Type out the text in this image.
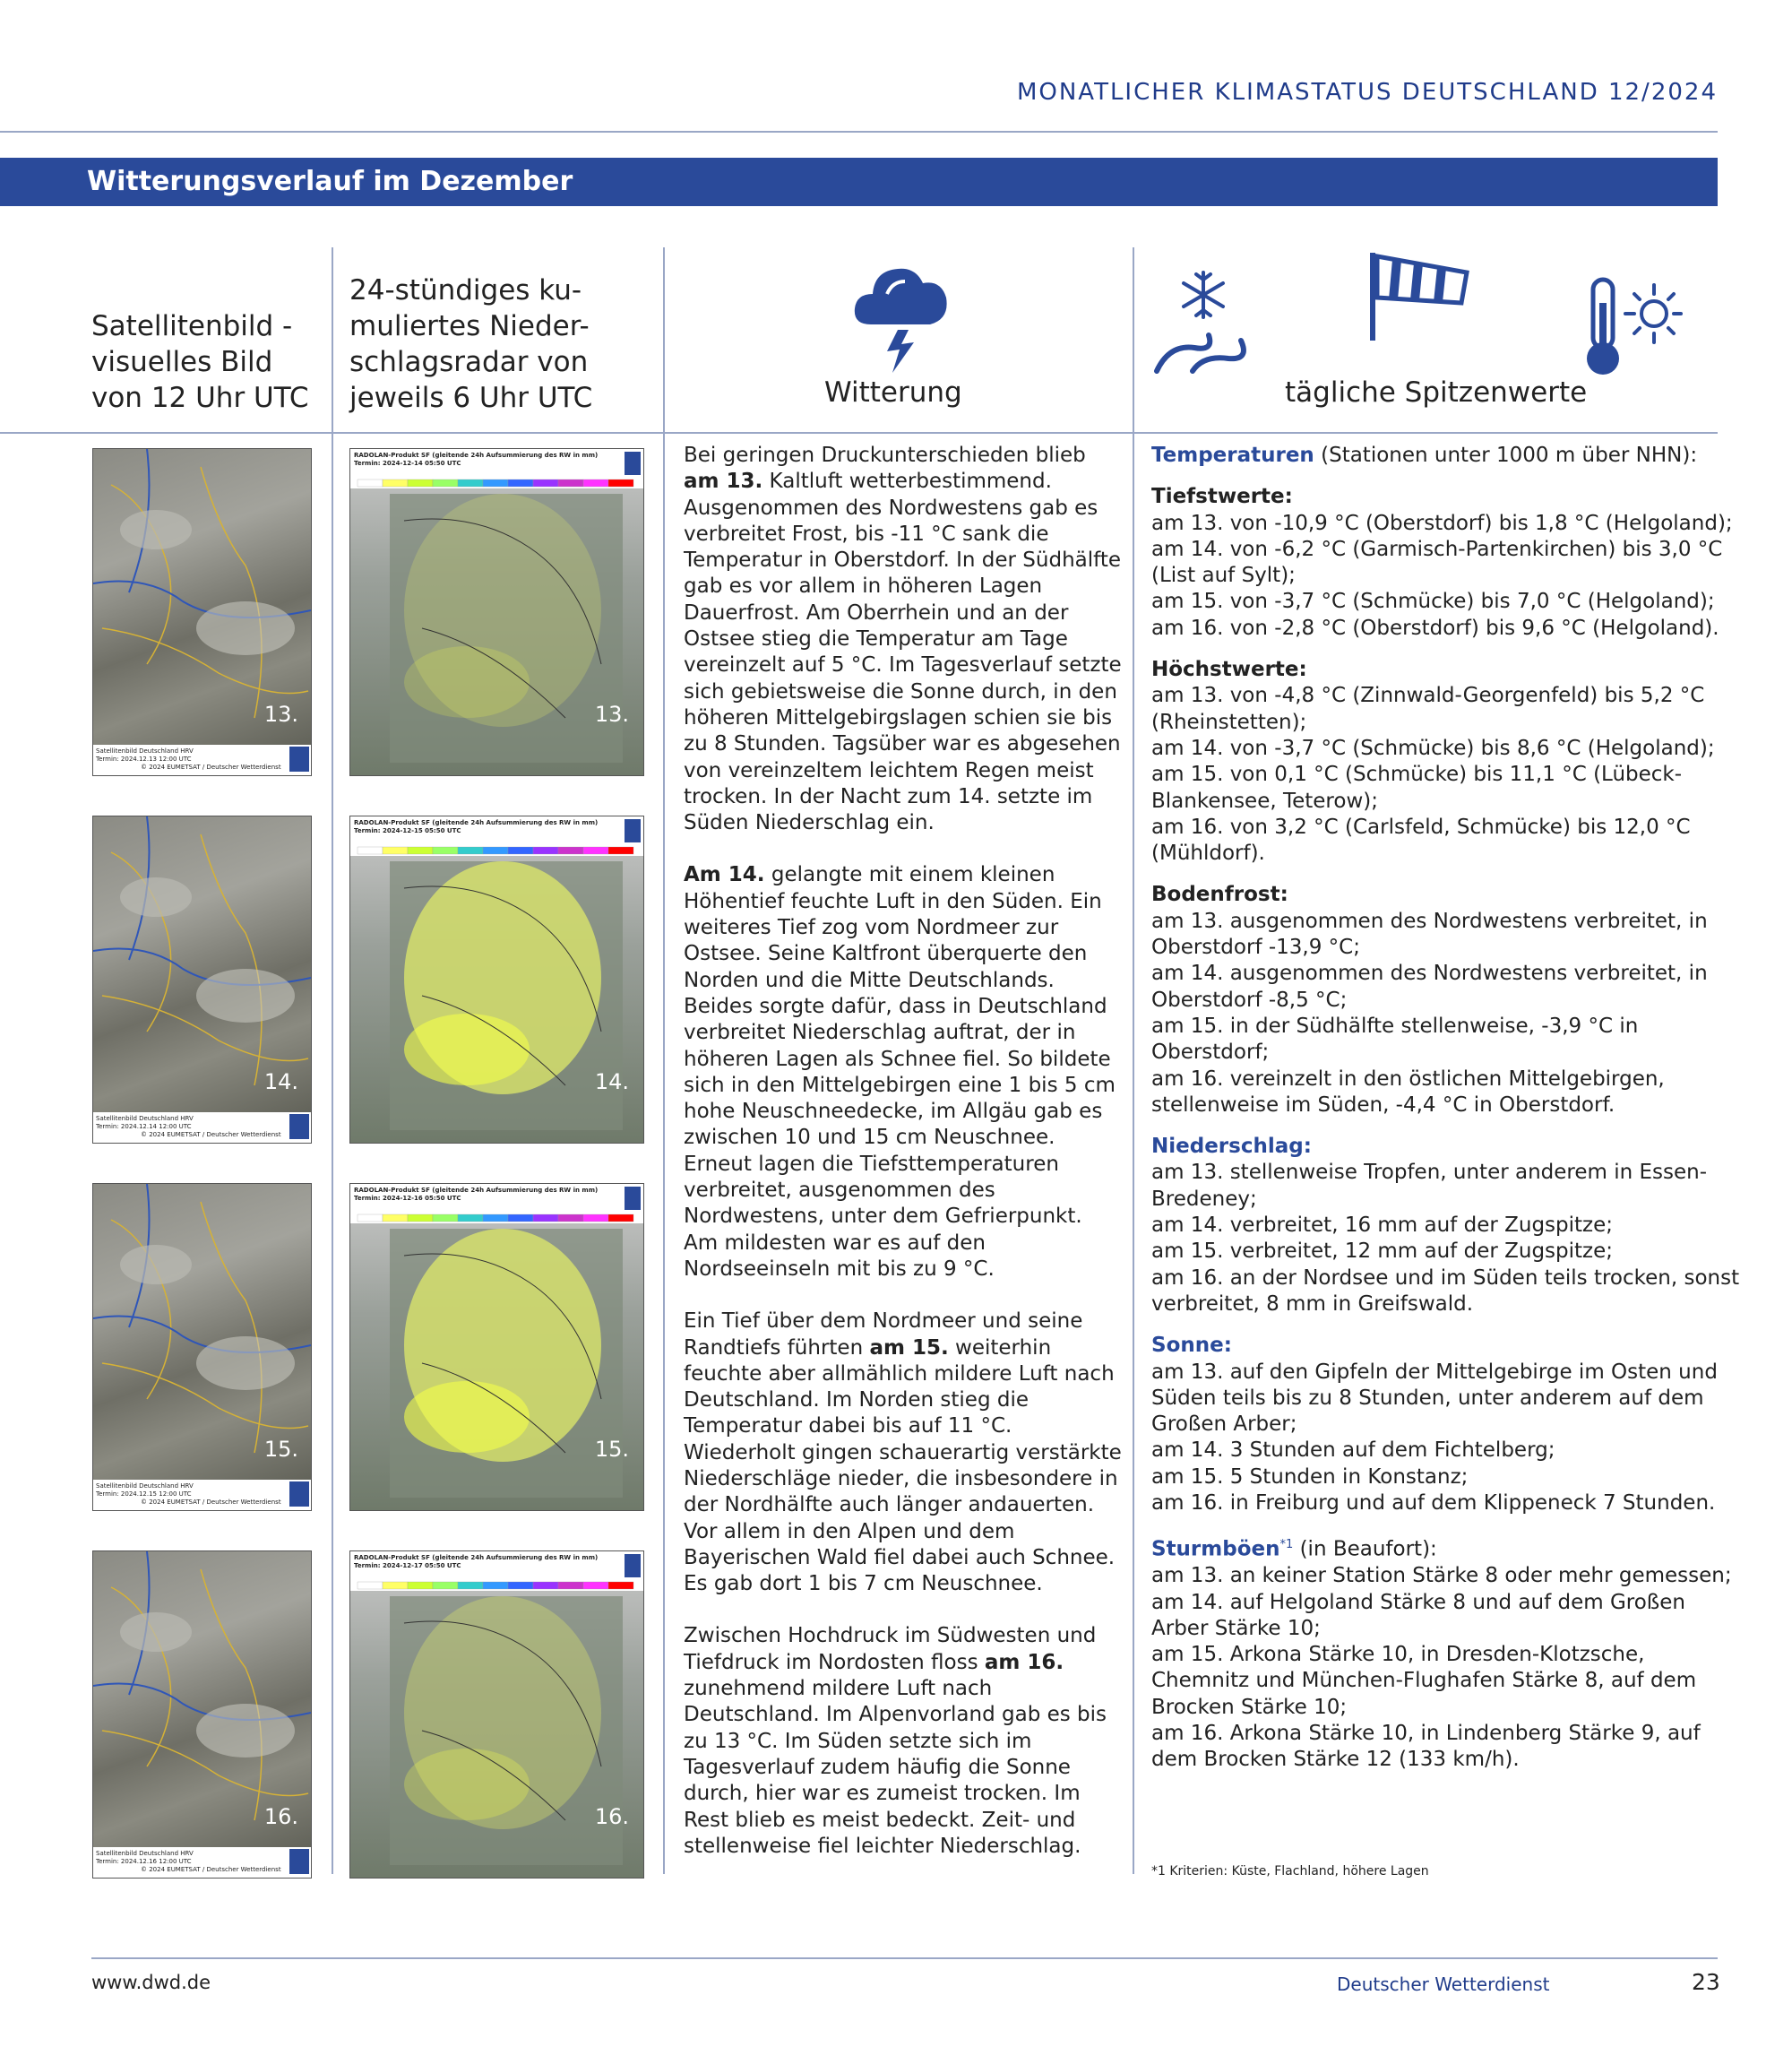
MONATLICHER KLIMASTATUS DEUTSCHLAND 12/2024
Witterungsverlauf im Dezember
Satellitenbild -
visuelles Bild
von 12 Uhr UTC
24-stündiges ku-
muliertes Nieder-
schlagsradar von
jeweils 6 Uhr UTC	Witterung	tägliche Spitzenwerte
13.
Satellitenbild Deutschland HRV
Termin: 2024.12.13 12:00 UTC
© 2024 EUMETSAT / Deutscher Wetterdienst
RADOLAN-Produkt SF (gleitende 24h Aufsummierung des RW in mm)
Termin: 2024-12-14 05:50 UTC
13.
14.
Satellitenbild Deutschland HRV
Termin: 2024.12.14 12:00 UTC
© 2024 EUMETSAT / Deutscher Wetterdienst
RADOLAN-Produkt SF (gleitende 24h Aufsummierung des RW in mm)
Termin: 2024-12-15 05:50 UTC
14.
15.
Satellitenbild Deutschland HRV
Termin: 2024.12.15 12:00 UTC
© 2024 EUMETSAT / Deutscher Wetterdienst
RADOLAN-Produkt SF (gleitende 24h Aufsummierung des RW in mm)
Termin: 2024-12-16 05:50 UTC
15.
16.
Satellitenbild Deutschland HRV
Termin: 2024.12.16 12:00 UTC
© 2024 EUMETSAT / Deutscher Wetterdienst
RADOLAN-Produkt SF (gleitende 24h Aufsummierung des RW in mm)
Termin: 2024-12-17 05:50 UTC
16.

Bei geringen Druckunterschieden blieb am 13. Kaltluft wetterbestimmend. Ausgenommen des Nordwestens gab es verbreitet Frost, bis -11 °C sank die Temperatur in Oberstdorf. In der Südhälfte gab es vor allem in höheren Lagen Dauerfrost. Am Oberrhein und an der Ostsee stieg die Temperatur am Tage vereinzelt auf 5 °C. Im Tagesverlauf setzte sich gebietsweise die Sonne durch, in den höheren Mittelgebirgslagen schien sie bis zu 8 Stunden. Tagsüber war es abgesehen von vereinzeltem leichtem Regen meist trocken. In der Nacht zum 14. setzte im Süden Niederschlag ein.

Am 14. gelangte mit einem kleinen Höhentief feuchte Luft in den Süden. Ein weiteres Tief zog vom Nordmeer zur Ostsee. Seine Kaltfront überquerte den Norden und die Mitte Deutschlands. Beides sorgte dafür, dass in Deutschland verbreitet Niederschlag auftrat, der in höheren Lagen als Schnee fiel. So bildete sich in den Mittelgebirgen eine 1 bis 5 cm hohe Neuschneedecke, im Allgäu gab es zwischen 10 und 15 cm Neuschnee. Erneut lagen die Tiefsttemperaturen verbreitet, ausgenommen des Nordwestens, unter dem Gefrierpunkt. Am mildesten war es auf den Nordseeinseln mit bis zu 9 °C.

Ein Tief über dem Nordmeer und seine Randtiefs führten am 15. weiterhin feuchte aber allmählich mildere Luft nach Deutschland. Im Norden stieg die Temperatur dabei bis auf 11 °C. Wiederholt gingen schauerartig verstärkte Niederschläge nieder, die insbesondere in der Nordhälfte auch länger andauerten. Vor allem in den Alpen und dem Bayerischen Wald fiel dabei auch Schnee. Es gab dort 1 bis 7 cm Neuschnee.

Zwischen Hochdruck im Südwesten und Tiefdruck im Nordosten floss am 16. zunehmend mildere Luft nach Deutschland. Im Alpenvorland gab es bis zu 13 °C. Im Süden setzte sich im Tagesverlauf zudem häufig die Sonne durch, hier war es zumeist trocken. Im Rest blieb es meist bedeckt. Zeit- und stellenweise fiel leichter Niederschlag.

Temperaturen (Stationen unter 1000 m über NHN):
Tiefstwerte:
am 13. von -10,9 °C (Oberstdorf) bis 1,8 °C (Helgoland);
am 14. von -6,2 °C (Garmisch-Partenkirchen) bis 3,0 °C (List auf Sylt);
am 15. von -3,7 °C (Schmücke) bis 7,0 °C (Helgoland);
am 16. von -2,8 °C (Oberstdorf) bis 9,6 °C (Helgoland).
Höchstwerte:
am 13. von -4,8 °C (Zinnwald-Georgenfeld) bis 5,2 °C (Rheinstetten);
am 14. von -3,7 °C (Schmücke) bis 8,6 °C (Helgoland);
am 15. von 0,1 °C (Schmücke) bis 11,1 °C (Lübeck-Blankensee, Teterow);
am 16. von 3,2 °C (Carlsfeld, Schmücke) bis 12,0 °C (Mühldorf).
Bodenfrost:
am 13. ausgenommen des Nordwestens verbreitet, in Oberstdorf -13,9 °C;
am 14. ausgenommen des Nordwestens verbreitet, in Oberstdorf -8,5 °C;
am 15. in der Südhälfte stellenweise, -3,9 °C in Oberstdorf;
am 16. vereinzelt in den östlichen Mittelgebirgen, stellenweise im Süden, -4,4 °C in Oberstdorf.
Niederschlag:
am 13. stellenweise Tropfen, unter anderem in Essen-Bredeney;
am 14. verbreitet, 16 mm auf der Zugspitze;
am 15. verbreitet, 12 mm auf der Zugspitze;
am 16. an der Nordsee und im Süden teils trocken, sonst verbreitet, 8 mm in Greifswald.
Sonne:
am 13. auf den Gipfeln der Mittelgebirge im Osten und Süden teils bis zu 8 Stunden, unter anderem auf dem Großen Arber;
am 14. 3 Stunden auf dem Fichtelberg;
am 15. 5 Stunden in Konstanz;
am 16. in Freiburg und auf dem Klippeneck 7 Stunden.
Sturmböen$^{*1}$ (in Beaufort):
am 13. an keiner Station Stärke 8 oder mehr gemessen;
am 14. auf Helgoland Stärke 8 und auf dem Großen Arber Stärke 10;
am 15. Arkona Stärke 10, in Dresden-Klotzsche, Chemnitz und München-Flughafen Stärke 8, auf dem Brocken Stärke 10;
am 16. Arkona Stärke 10, in Lindenberg Stärke 9, auf dem Brocken Stärke 12 (133 km/h).
*1 Kriterien: Küste, Flachland, höhere Lagen
www.dwd.de	Deutscher Wetterdienst	23
